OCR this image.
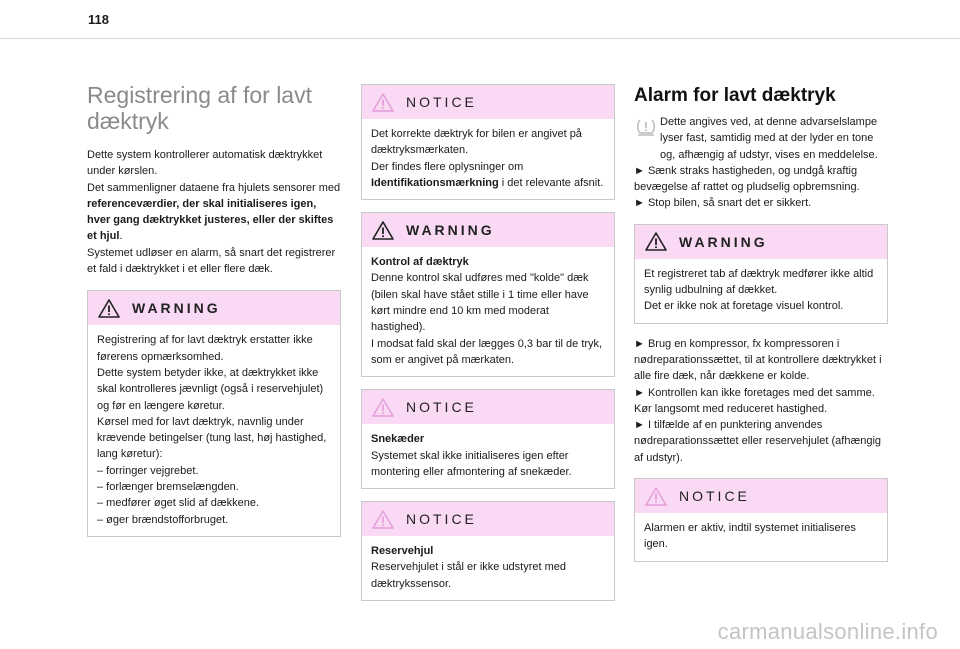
118
Registrering af for lavt dæktryk

Dette system kontrollerer automatisk dæktrykket under kørslen.
Det sammenligner dataene fra hjulets sensorer med referenceværdier, der skal initialiseres igen, hver gang dæktrykket justeres, eller der skiftes et hjul.
Systemet udløser en alarm, så snart det registrerer et fald i dæktrykket i et eller flere dæk.

WARNING

Registrering af for lavt dæktryk erstatter ikke førerens opmærksomhed.
Dette system betyder ikke, at dæktrykket ikke skal kontrolleres jævnligt (også i reservehjulet) og før en længere køretur.
Kørsel med for lavt dæktryk, navnlig under krævende betingelser (tung last, høj hastighed, lang køretur):
– forringer vejgrebet.
– forlænger bremselængden.
– medfører øget slid af dækkene.
– øger brændstofforbruget.

NOTICE

Det korrekte dæktryk for bilen er angivet på dæktryksmærkaten.
Der findes flere oplysninger om Identifikationsmærkning i det relevante afsnit.

WARNING

Kontrol af dæktryk
Denne kontrol skal udføres med "kolde" dæk (bilen skal have stået stille i 1 time eller have kørt mindre end 10 km med moderat hastighed).
I modsat fald skal der lægges 0,3 bar til de tryk, som er angivet på mærkaten.

NOTICE

Snekæder
Systemet skal ikke initialiseres igen efter montering eller afmontering af snekæder.

NOTICE

Reservehjul
Reservehjulet i stål er ikke udstyret med dæktrykssensor.

Alarm for lavt dæktryk

Dette angives ved, at denne advarselslampe lyser fast, samtidig med at der lyder en tone og, afhængig af udstyr, vises en meddelelse.

► Sænk straks hastigheden, og undgå kraftig bevægelse af rattet og pludselig opbremsning.

► Stop bilen, så snart det er sikkert.

WARNING

Et registreret tab af dæktryk medfører ikke altid synlig udbulning af dækket.
Det er ikke nok at foretage visuel kontrol.

► Brug en kompressor, fx kompressoren i nødreparationssættet, til at kontrollere dæktrykket i alle fire dæk, når dækkene er kolde.

► Kontrollen kan ikke foretages med det samme. Kør langsomt med reduceret hastighed.

► I tilfælde af en punktering anvendes nødreparationssættet eller reservehjulet (afhængig af udstyr).

NOTICE

Alarmen er aktiv, indtil systemet initialiseres igen.

carmanualsonline.info
